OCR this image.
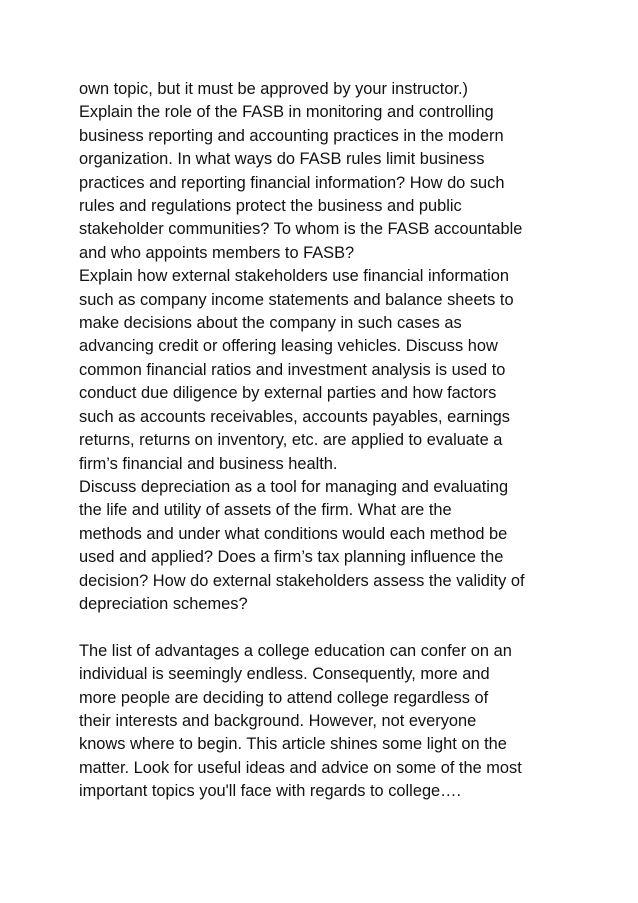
own topic, but it must be approved by your instructor.)
Explain the role of the FASB in monitoring and controlling
business reporting and accounting practices in the modern
organization. In what ways do FASB rules limit business
practices and reporting financial information? How do such
rules and regulations protect the business and public
stakeholder communities? To whom is the FASB accountable
and who appoints members to FASB?
Explain how external stakeholders use financial information
such as company income statements and balance sheets to
make decisions about the company in such cases as
advancing credit or offering leasing vehicles. Discuss how
common financial ratios and investment analysis is used to
conduct due diligence by external parties and how factors
such as accounts receivables, accounts payables, earnings
returns, returns on inventory, etc. are applied to evaluate a
firm’s financial and business health.
Discuss depreciation as a tool for managing and evaluating
the life and utility of assets of the firm. What are the
methods and under what conditions would each method be
used and applied? Does a firm’s tax planning influence the
decision? How do external stakeholders assess the validity of
depreciation schemes?
The list of advantages a college education can confer on an
individual is seemingly endless. Consequently, more and
more people are deciding to attend college regardless of
their interests and background. However, not everyone
knows where to begin. This article shines some light on the
matter. Look for useful ideas and advice on some of the most
important topics you'll face with regards to college….
